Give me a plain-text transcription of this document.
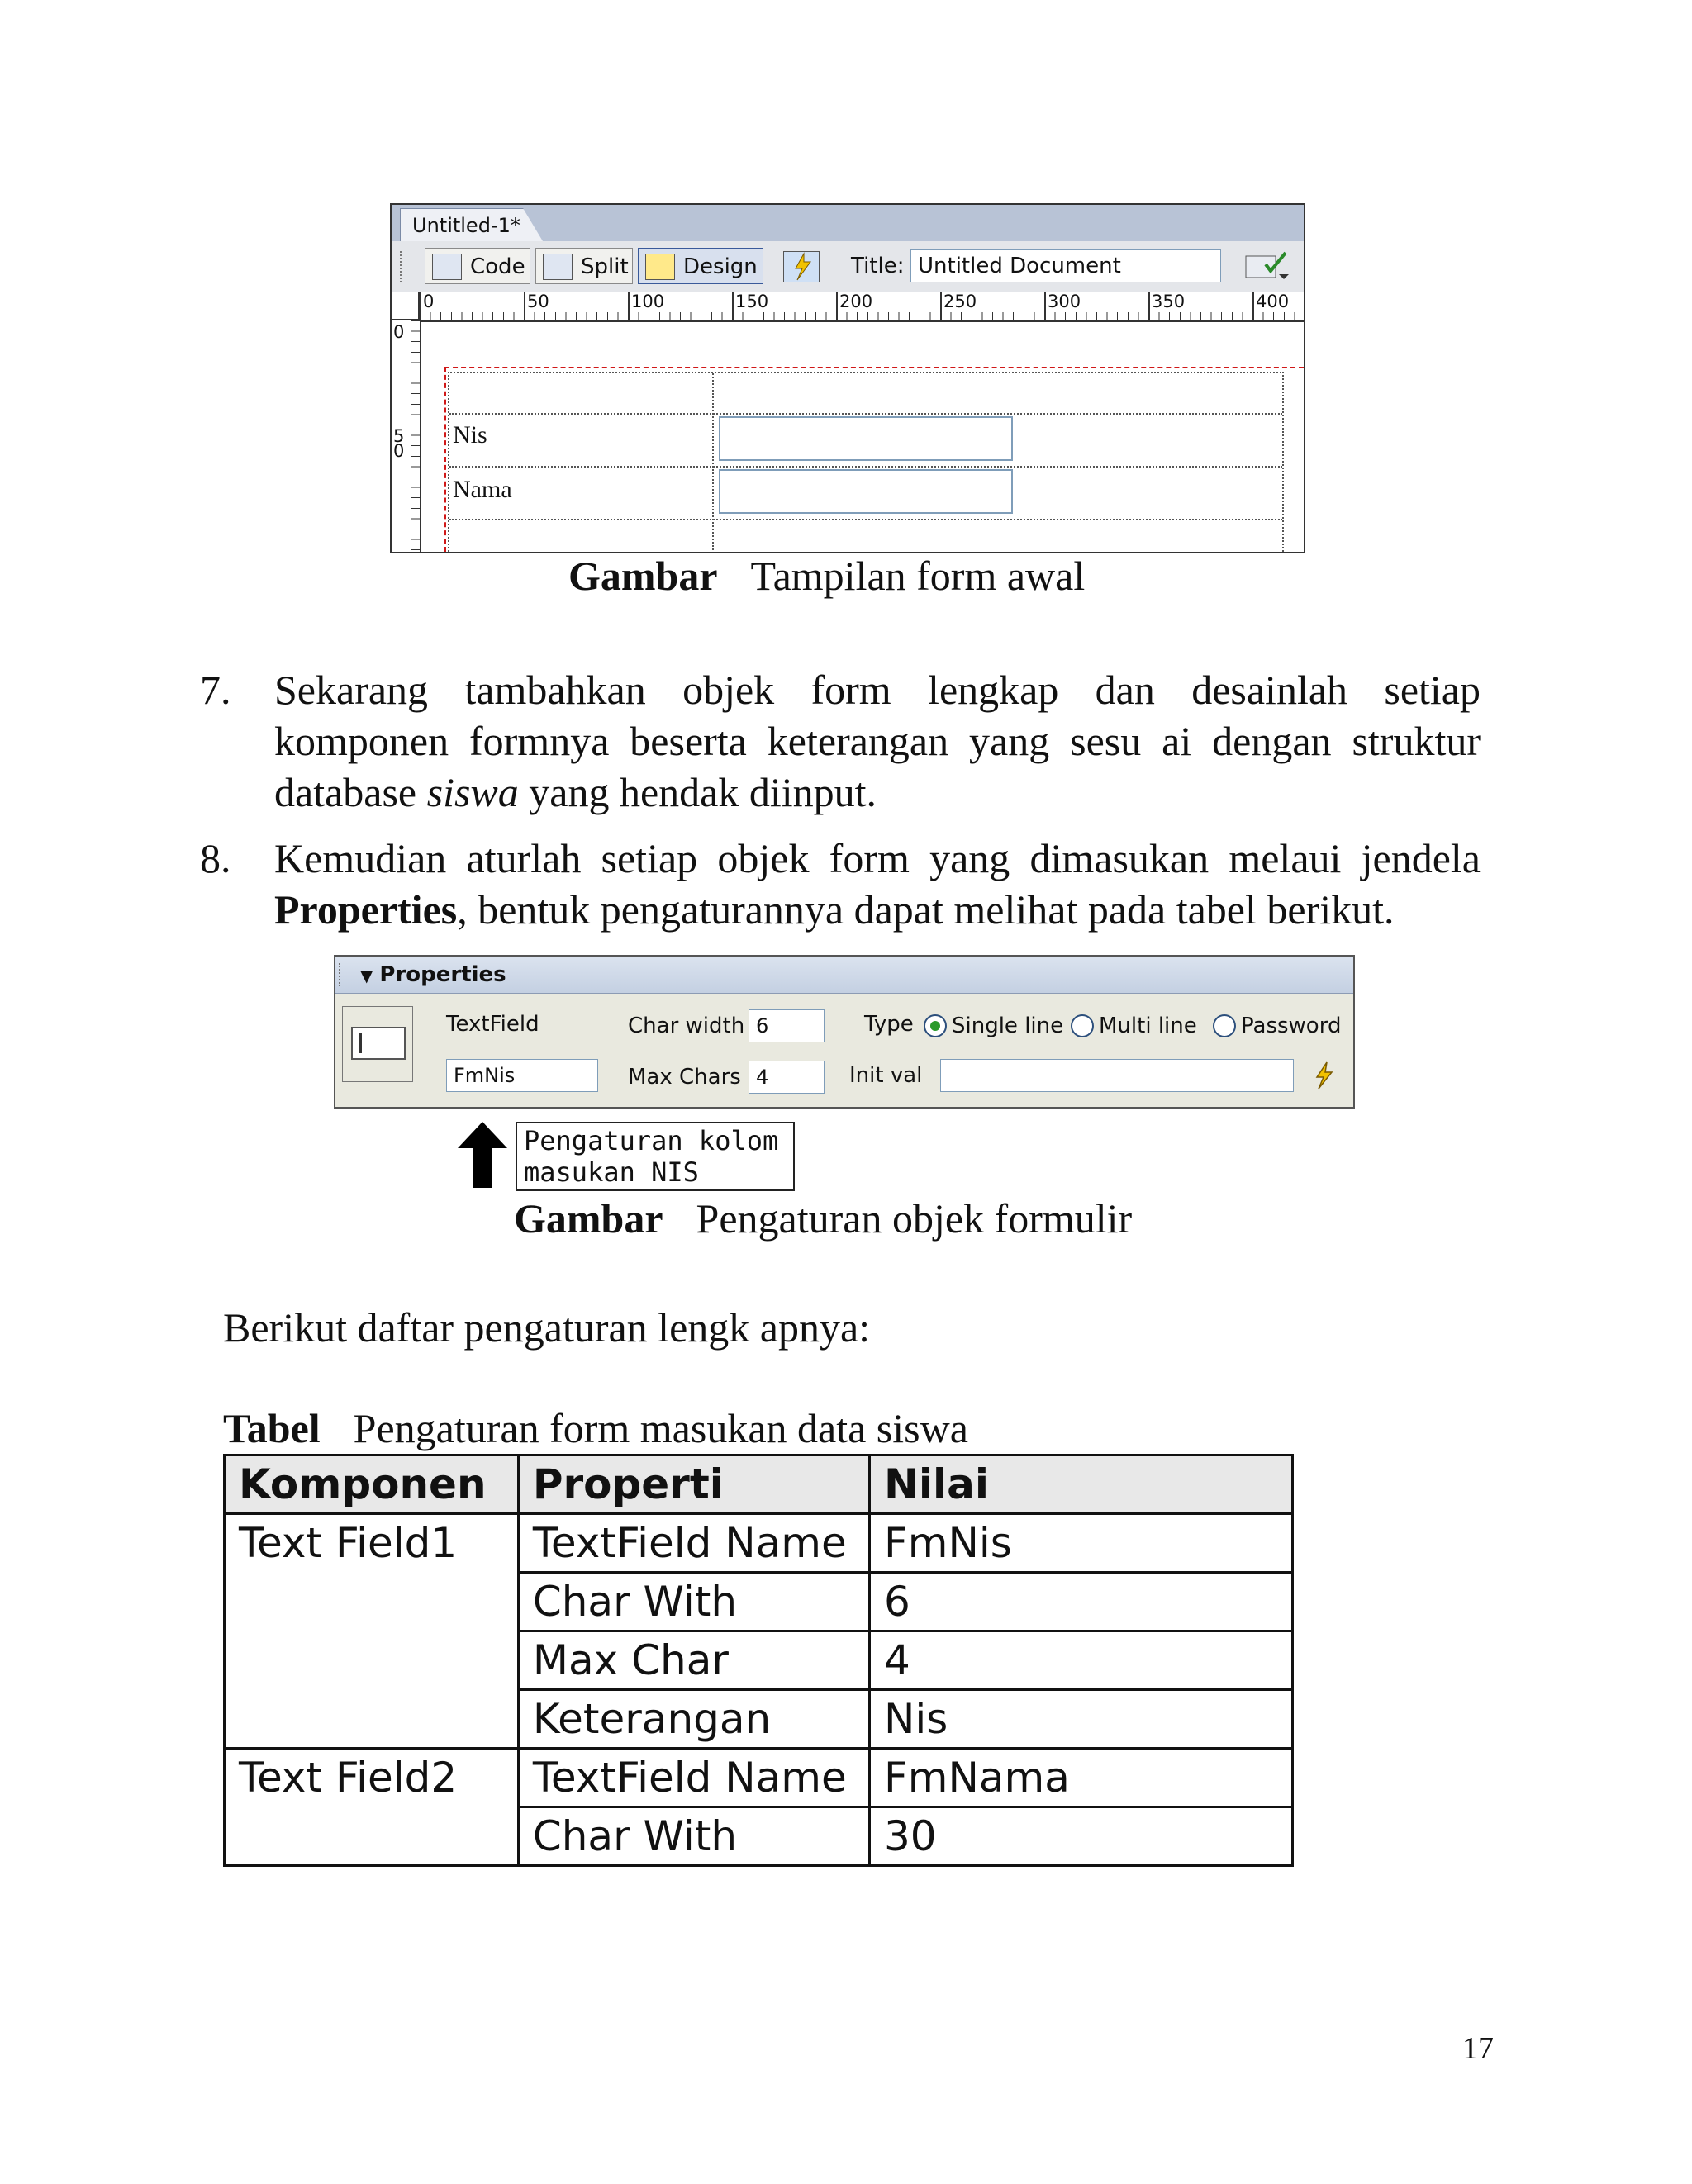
Untitled-1*
Code	Split	Design	Title: Untitled Document
0	50	100	150	200	250	300	350	400
0
5
0
Nis
Nama
Gambar Tampilan form awal
7. Sekarang tambahkan objek form lengkap dan desainlah setiap
komponen formnya beserta keterangan yang sesu ai dengan struktur
database siswa yang hendak diinput.
8. Kemudian aturlah setiap objek form yang dimasukan melaui jendela
Properties, bentuk pengaturannya dapat melihat pada tabel berikut.
▼ Properties
TextField
FmNis
Char width 6
Max Chars 4
Type Single line Multi line Password
Init val
Pengaturan kolom
masukan NIS
Gambar Pengaturan objek formulir
Berikut daftar pengaturan lengk apnya:
Tabel Pengaturan form masukan data siswa
Komponen	Properti	Nilai
Text Field1	TextField Name	FmNis
	Char With	6
	Max Char	4
	Keterangan	Nis
Text Field2	TextField Name	FmNama
	Char With	30
17
